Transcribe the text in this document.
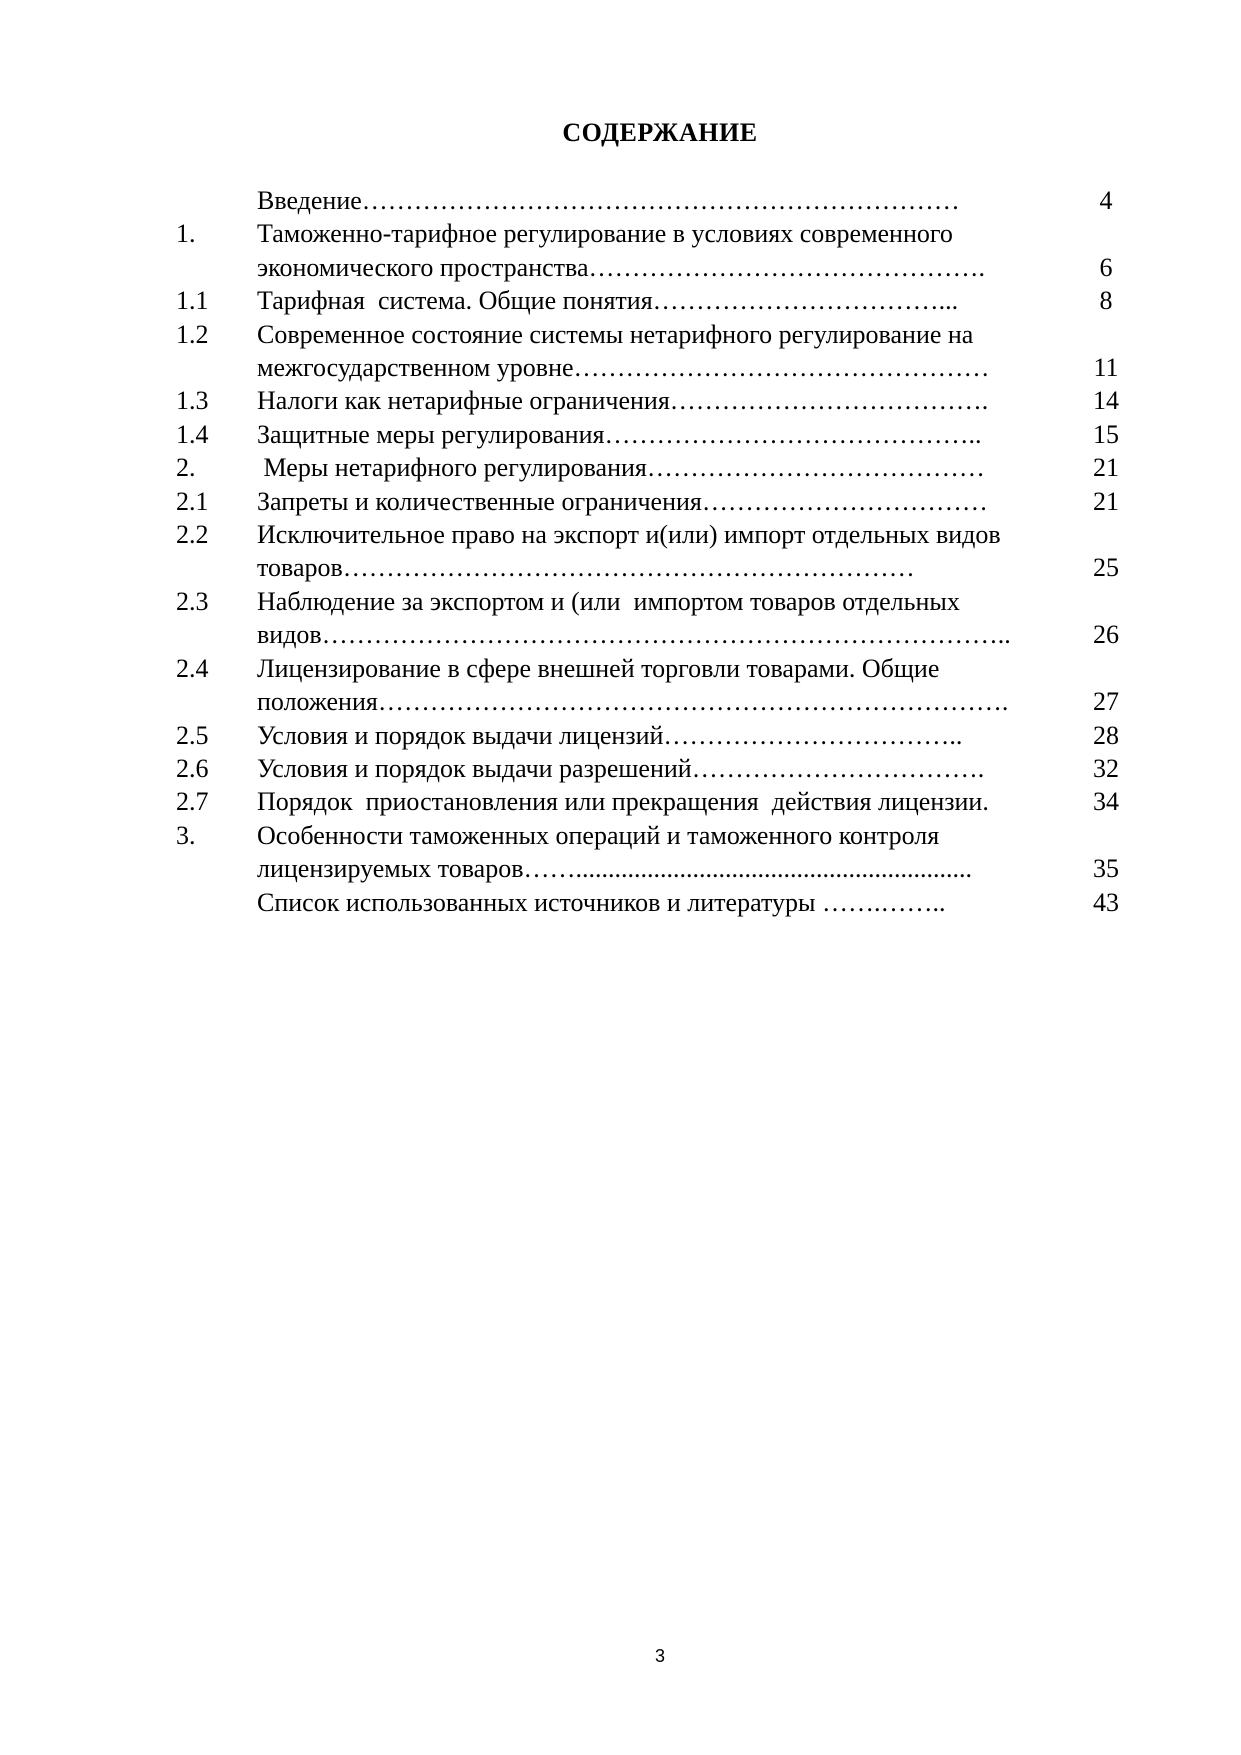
СОДЕРЖАНИЕ
Введение……………………………………………………………	4
1.	Таможенно-тарифное регулирование в условиях современного экономического пространства……………………………………….	6
1.1	Тарифная  система. Общие понятия……………………………...	8
1.2	Современное состояние системы нетарифного регулирование на межгосударственном уровне…………………………………………	11
1.3	Налоги как нетарифные ограничения……………………………….	14
1.4	Защитные меры регулирования……………………………………..	15
2.	Меры нетарифного регулирования…………………………………	21
2.1	Запреты и количественные ограничения……………………………	21
2.2	Исключительное право на экспорт и(или) импорт отдельных видов товаров…………………………………………………………	25
2.3	Наблюдение за экспортом и (или  импортом товаров отдельных видов……………………………………………………………………..	26
2.4	Лицензирование в сфере внешней торговли товарами. Общие положения……………………………………………………………….	27
2.5	Условия и порядок выдачи лицензий……………………………..	28
2.6	Условия и порядок выдачи разрешений…………………………….	32
2.7	Порядок  приостановления или прекращения  действия лицензии.	34
3.	Особенности таможенных операций и таможенного контроля лицензируемых товаров…….............................................................	35
Список использованных источников и литературы …….……..	43
3
